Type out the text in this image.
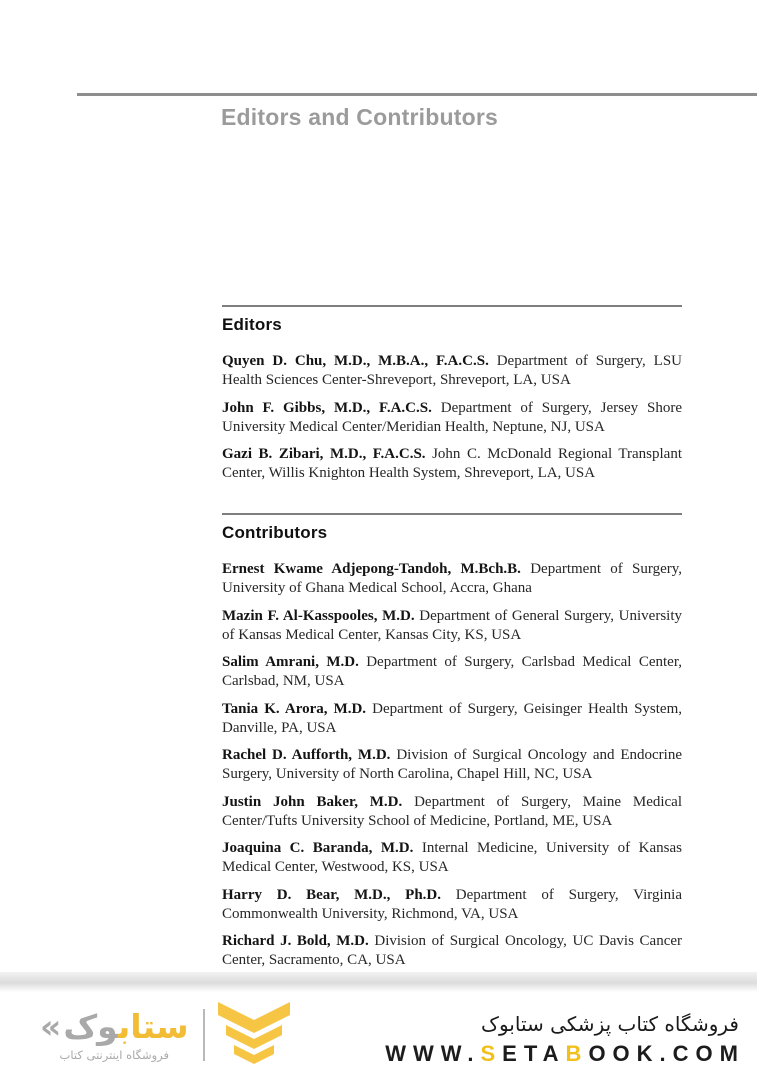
Editors and Contributors
Editors

Quyen D. Chu, M.D., M.B.A., F.A.C.S. Department of Surgery, LSU Health Sciences Center-Shreveport, Shreveport, LA, USA

John F. Gibbs, M.D., F.A.C.S. Department of Surgery, Jersey Shore University Medical Center/Meridian Health, Neptune, NJ, USA

Gazi B. Zibari, M.D., F.A.C.S. John C. McDonald Regional Transplant Center, Willis Knighton Health System, Shreveport, LA, USA

Contributors

Ernest Kwame Adjepong-Tandoh, M.Bch.B. Department of Surgery, University of Ghana Medical School, Accra, Ghana

Mazin F. Al-Kasspooles, M.D. Department of General Surgery, University of Kansas Medical Center, Kansas City, KS, USA

Salim Amrani, M.D. Department of Surgery, Carlsbad Medical Center, Carlsbad, NM, USA

Tania K. Arora, M.D. Department of Surgery, Geisinger Health System, Danville, PA, USA

Rachel D. Aufforth, M.D. Division of Surgical Oncology and Endocrine Surgery, University of North Carolina, Chapel Hill, NC, USA

Justin John Baker, M.D. Department of Surgery, Maine Medical Center/Tufts University School of Medicine, Portland, ME, USA

Joaquina C. Baranda, M.D. Internal Medicine, University of Kansas Medical Center, Westwood, KS, USA

Harry D. Bear, M.D., Ph.D. Department of Surgery, Virginia Commonwealth University, Richmond, VA, USA

Richard J. Bold, M.D. Division of Surgical Oncology, UC Davis Cancer Center, Sacramento, CA, USA

«	ستابوک
فروشگاه اینترنتی کتاب
فروشگاه کتاب پزشکی ستابوک
WWW.SETABOOK.COM
